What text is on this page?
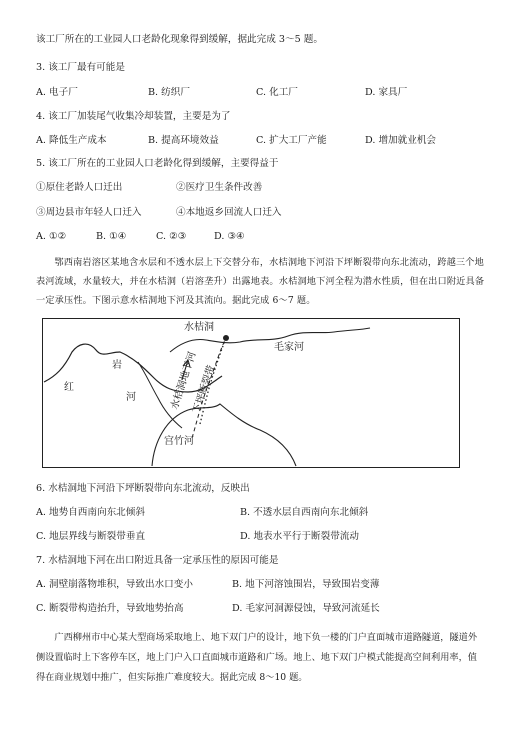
该工厂所在的工业园人口老龄化现象得到缓解，据此完成 3～5 题。
3. 该工厂最有可能是
A. 电子厂	B. 纺织厂	C. 化工厂	D. 家具厂
4. 该工厂加装尾气收集冷却装置，主要是为了
A. 降低生产成本	B. 提高环境效益	C. 扩大工厂产能	D. 增加就业机会
5. 该工厂所在的工业园人口老龄化得到缓解，主要得益于
①原住老龄人口迁出	②医疗卫生条件改善
③周边县市年轻人口迁入	④本地返乡回流人口迁入
A. ①②	B. ①④	C. ②③	D. ③④
鄂西南岩溶区某地含水层和不透水层上下交替分布，水桔洞地下河沿下坪断裂带向东北流动，跨越三个地表河流域，水量较大，并在水桔洞（岩溶垄升）出露地表。水桔洞地下河全程为潜水性质，但在出口附近具备一定承压性。下图示意水桔洞地下河及其流向。据此完成 6～7 题。
水桔洞
毛家河
岩
河
红	水桔洞地下河
下坪断裂带
宫竹河
6. 水桔洞地下河沿下坪断裂带向东北流动，反映出
A. 地势自西南向东北倾斜	B. 不透水层自西南向东北倾斜
C. 地层界线与断裂带垂直	D. 地表水平行于断裂带流动
7. 水桔洞地下河在出口附近具备一定承压性的原因可能是
A. 洞壁崩落物堆积，导致出水口变小	B. 地下河溶蚀围岩，导致围岩变薄
C. 断裂带构造抬升，导致地势抬高	D. 毛家河洞源侵蚀，导致河流延长
广西柳州市中心某大型商场采取地上、地下双门户的设计，地下负一楼的门户直面城市道路隧道，隧道外侧设置临时上下客停车区，地上门户入口直面城市道路和广场。地上、地下双门户模式能提高空间利用率，值得在商业规划中推广，但实际推广难度较大。据此完成 8～10 题。
